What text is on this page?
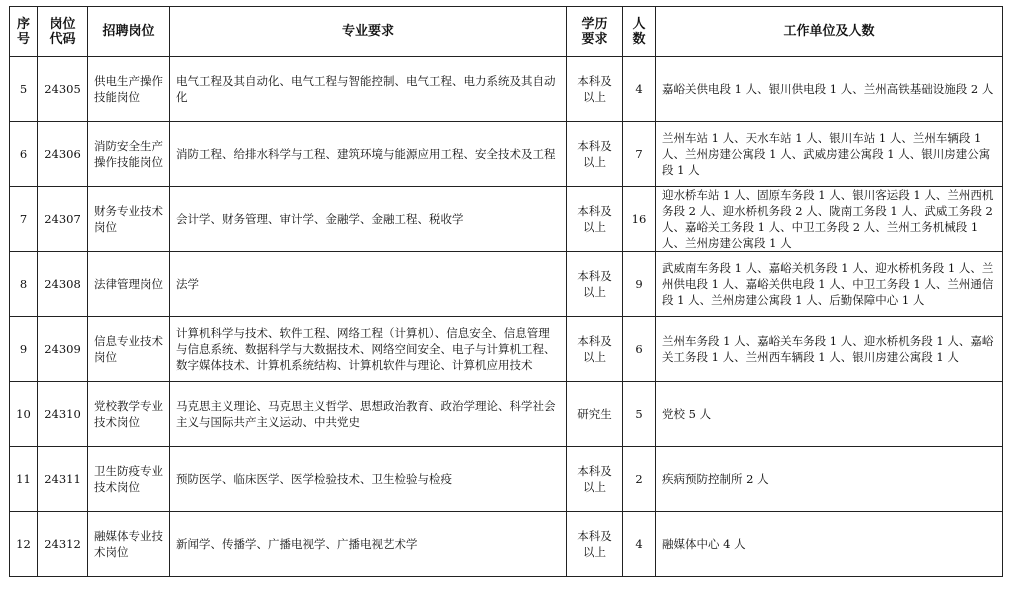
序号	岗位代码	招聘岗位	专业要求	学历要求	人数	工作单位及人数
5	24305	供电生产操作技能岗位	电气工程及其自动化、电气工程与智能控制、电气工程、电力系统及其自动化	本科及以上	4	嘉峪关供电段 1 人、银川供电段 1 人、兰州高铁基础设施段 2 人
6	24306	消防安全生产操作技能岗位	消防工程、给排水科学与工程、建筑环境与能源应用工程、安全技术及工程	本科及以上	7	兰州车站 1 人、天水车站 1 人、银川车站 1 人、兰州车辆段 1 人、兰州房建公寓段 1 人、武威房建公寓段 1 人、银川房建公寓段 1 人
7	24307	财务专业技术岗位	会计学、财务管理、审计学、金融学、金融工程、税收学	本科及以上	16	迎水桥车站 1 人、固原车务段 1 人、银川客运段 1 人、兰州西机务段 2 人、迎水桥机务段 2 人、陇南工务段 1 人、武威工务段 2 人、嘉峪关工务段 1 人、中卫工务段 2 人、兰州工务机械段 1 人、兰州房建公寓段 1 人
8	24308	法律管理岗位	法学	本科及以上	9	武威南车务段 1 人、嘉峪关机务段 1 人、迎水桥机务段 1 人、兰州供电段 1 人、嘉峪关供电段 1 人、中卫工务段 1 人、兰州通信段 1 人、兰州房建公寓段 1 人、后勤保障中心 1 人
9	24309	信息专业技术岗位	计算机科学与技术、软件工程、网络工程（计算机）、信息安全、信息管理与信息系统、数据科学与大数据技术、网络空间安全、电子与计算机工程、数字媒体技术、计算机系统结构、计算机软件与理论、计算机应用技术	本科及以上	6	兰州车务段 1 人、嘉峪关车务段 1 人、迎水桥机务段 1 人、嘉峪关工务段 1 人、兰州西车辆段 1 人、银川房建公寓段 1 人
10	24310	党校教学专业技术岗位	马克思主义理论、马克思主义哲学、思想政治教育、政治学理论、科学社会主义与国际共产主义运动、中共党史	研究生	5	党校 5 人
11	24311	卫生防疫专业技术岗位	预防医学、临床医学、医学检验技术、卫生检验与检疫	本科及以上	2	疾病预防控制所 2 人
12	24312	融媒体专业技术岗位	新闻学、传播学、广播电视学、广播电视艺术学	本科及以上	4	融媒体中心 4 人
